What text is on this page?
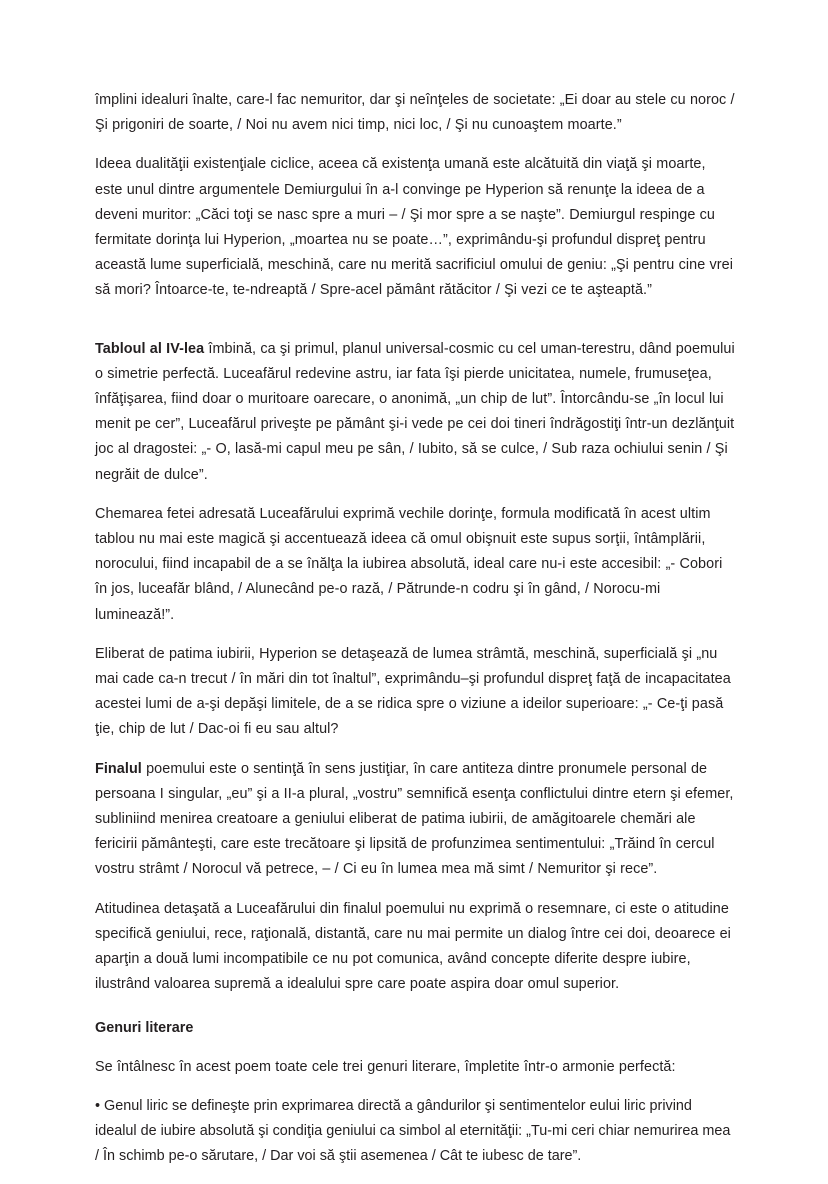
împlini idealuri înalte, care-l fac nemuritor, dar şi neînţeles de societate: „Ei doar au stele cu noroc / Şi prigoniri de soarte, / Noi nu avem nici timp, nici loc, / Şi nu cunoaştem moarte.”

Ideea dualităţii existenţiale ciclice, aceea că existenţa umană este alcătuită din viaţă şi moarte, este unul dintre argumentele Demiurgului în a-l convinge pe Hyperion să renunţe la ideea de a deveni muritor: „Căci toţi se nasc spre a muri – / Şi mor spre a se naşte”. Demiurgul respinge cu fermitate dorinţa lui Hyperion, „moartea nu se poate…”, exprimându-şi profundul dispreţ pentru această lume superficială, meschină, care nu merită sacrificiul omului de geniu: „Şi pentru cine vrei să mori? Întoarce-te, te-ndreaptă / Spre-acel pământ rătăcitor / Şi vezi ce te aşteaptă.”

Tabloul al IV-lea îmbină, ca şi primul, planul universal-cosmic cu cel uman-terestru, dând poemului o simetrie perfectă. Luceafărul redevine astru, iar fata îşi pierde unicitatea, numele, frumuseţea, înfăţişarea, fiind doar o muritoare oarecare, o anonimă, „un chip de lut”. Întorcându-se „în locul lui menit pe cer”, Luceafărul priveşte pe pământ şi-i vede pe cei doi tineri îndrăgostiţi într-un dezlănţuit joc al dragostei: „- O, lasă-mi capul meu pe sân, / Iubito, să se culce, / Sub raza ochiului senin / Şi negrăit de dulce”.

Chemarea fetei adresată Luceafărului exprimă vechile dorinţe, formula modificată în acest ultim tablou nu mai este magică şi accentuează ideea că omul obişnuit este supus sorţii, întâmplării, norocului, fiind incapabil de a se înălţa la iubirea absolută, ideal care nu-i este accesibil: „- Cobori în jos, luceafăr blând, / Alunecând pe-o rază, / Pătrunde-n codru şi în gând, / Norocu-mi luminează!”.

Eliberat de patima iubirii, Hyperion se detaşează de lumea strâmtă, meschină, superficială şi „nu mai cade ca-n trecut / în mări din tot înaltul”, exprimându–şi profundul dispreţ faţă de incapacitatea acestei lumi de a-şi depăşi limitele, de a se ridica spre o viziune a ideilor superioare: „- Ce-ţi pasă ţie, chip de lut / Dac-oi fi eu sau altul?

Finalul poemului este o sentinţă în sens justiţiar, în care antiteza dintre pronumele personal de persoana I singular, „eu” şi a II-a plural, „vostru” semnifică esenţa conflictului dintre etern şi efemer, subliniind menirea creatoare a geniului eliberat de patima iubirii, de amăgitoarele chemări ale fericirii pământeşti, care este trecătoare şi lipsită de profunzimea sentimentului: „Trăind în cercul vostru strâmt / Norocul vă petrece, – / Ci eu în lumea mea mă simt / Nemuritor şi rece”.

Atitudinea detaşată a Luceafărului din finalul poemului nu exprimă o resemnare, ci este o atitudine specifică geniului, rece, raţională, distantă, care nu mai permite un dialog între cei doi, deoarece ei aparţin a două lumi incompatibile ce nu pot comunica, având concepte diferite despre iubire, ilustrând valoarea supremă a idealului spre care poate aspira doar omul superior.

Genuri literare

Se întâlnesc în acest poem toate cele trei genuri literare, împletite într-o armonie perfectă:

• Genul liric se defineşte prin exprimarea directă a gândurilor şi sentimentelor eului liric privind idealul de iubire absolută şi condiţia geniului ca simbol al eternităţii: „Tu-mi ceri chiar nemurirea mea / În schimb pe-o sărutare, / Dar voi să ştii asemenea / Cât te iubesc de tare”.
